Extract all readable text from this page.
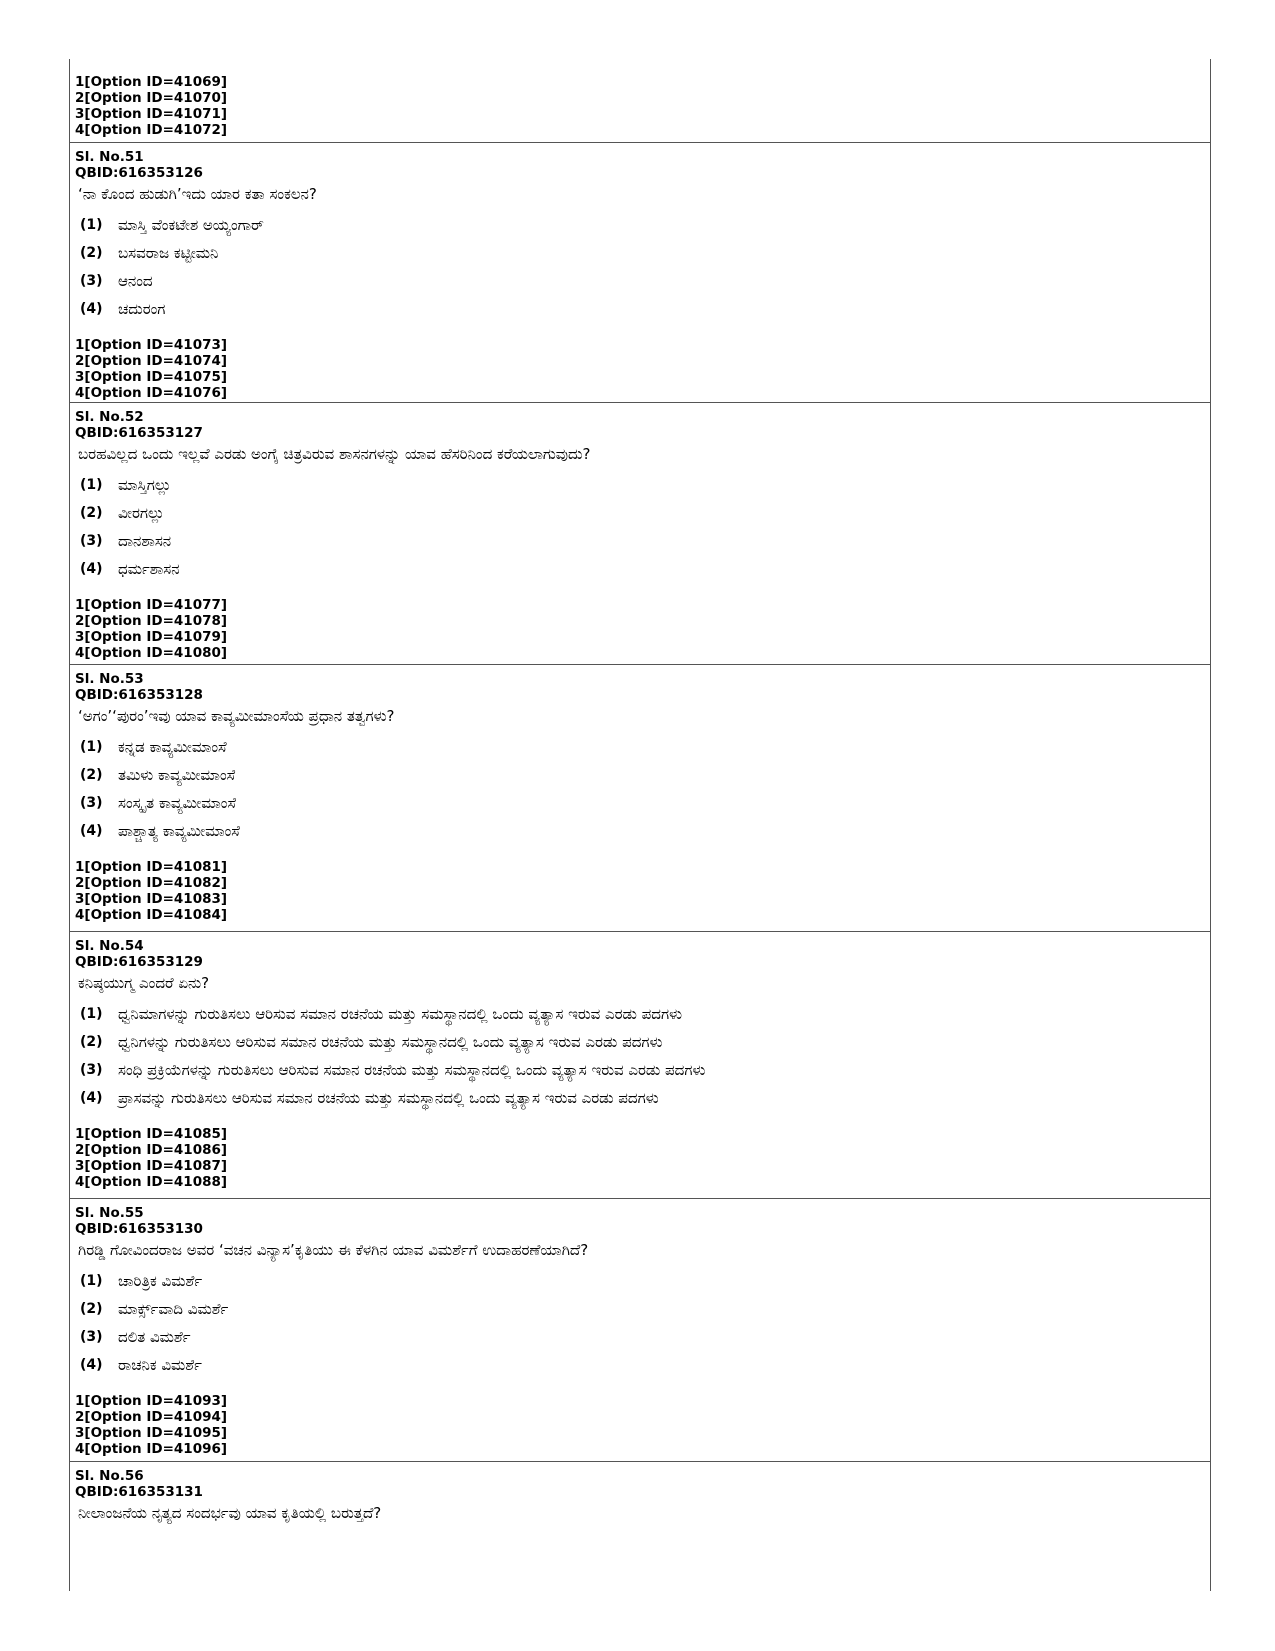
1[Option ID=41069]
2[Option ID=41070]
3[Option ID=41071]
4[Option ID=41072]
Sl. No.51
QBID:616353126
‘ನಾ ಕೊಂದ ಹುಡುಗಿ’ಇದು ಯಾರ ಕತಾ ಸಂಕಲನ?
(1)	ಮಾಸ್ತಿ ವೆಂಕಟೇಶ ಅಯ್ಯಂಗಾರ್
(2)	ಬಸವರಾಜ ಕಟ್ಟೀಮನಿ
(3)	ಆನಂದ
(4)	ಚದುರಂಗ
1[Option ID=41073]
2[Option ID=41074]
3[Option ID=41075]
4[Option ID=41076]
Sl. No.52
QBID:616353127
ಬರಹವಿಲ್ಲದ ಒಂದು ಇಲ್ಲವೆ ಎರಡು ಅಂಗೈ ಚಿತ್ರವಿರುವ ಶಾಸನಗಳನ್ನು ಯಾವ ಹೆಸರಿನಿಂದ ಕರೆಯಲಾಗುವುದು?
(1)	ಮಾಸ್ತಿಗಲ್ಲು
(2)	ವೀರಗಲ್ಲು
(3)	ದಾನಶಾಸನ
(4)	ಧರ್ಮಶಾಸನ
1[Option ID=41077]
2[Option ID=41078]
3[Option ID=41079]
4[Option ID=41080]
Sl. No.53
QBID:616353128
‘ಅಗಂ’‘ಪುರಂ’ಇವು ಯಾವ ಕಾವ್ಯಮೀಮಾಂಸೆಯ ಪ್ರಧಾನ ತತ್ವಗಳು?
(1)	ಕನ್ನಡ ಕಾವ್ಯಮೀಮಾಂಸೆ
(2)	ತಮಿಳು ಕಾವ್ಯಮೀಮಾಂಸೆ
(3)	ಸಂಸ್ಕೃತ ಕಾವ್ಯಮೀಮಾಂಸೆ
(4)	ಪಾಶ್ಚಾತ್ಯ ಕಾವ್ಯಮೀಮಾಂಸೆ
1[Option ID=41081]
2[Option ID=41082]
3[Option ID=41083]
4[Option ID=41084]
Sl. No.54
QBID:616353129
ಕನಿಷ್ಠಯುಗ್ಮ ಎಂದರೆ ಏನು?
(1)	ಧ್ವನಿಮಾಗಳನ್ನು ಗುರುತಿಸಲು ಆರಿಸುವ ಸಮಾನ ರಚನೆಯ ಮತ್ತು ಸಮಸ್ಥಾನದಲ್ಲಿ ಒಂದು ವ್ಯತ್ಯಾಸ ಇರುವ ಎರಡು ಪದಗಳು
(2)	ಧ್ವನಿಗಳನ್ನು ಗುರುತಿಸಲು ಆರಿಸುವ ಸಮಾನ ರಚನೆಯ ಮತ್ತು ಸಮಸ್ಥಾನದಲ್ಲಿ ಒಂದು ವ್ಯತ್ಯಾಸ ಇರುವ ಎರಡು ಪದಗಳು
(3)	ಸಂಧಿ ಪ್ರಕ್ರಿಯೆಗಳನ್ನು ಗುರುತಿಸಲು ಆರಿಸುವ ಸಮಾನ ರಚನೆಯ ಮತ್ತು ಸಮಸ್ಥಾನದಲ್ಲಿ ಒಂದು ವ್ಯತ್ಯಾಸ ಇರುವ ಎರಡು ಪದಗಳು
(4)	ಪ್ರಾಸವನ್ನು ಗುರುತಿಸಲು ಆರಿಸುವ ಸಮಾನ ರಚನೆಯ ಮತ್ತು ಸಮಸ್ಥಾನದಲ್ಲಿ ಒಂದು ವ್ಯತ್ಯಾಸ ಇರುವ ಎರಡು ಪದಗಳು
1[Option ID=41085]
2[Option ID=41086]
3[Option ID=41087]
4[Option ID=41088]
Sl. No.55
QBID:616353130
ಗಿರಡ್ಡಿ ಗೋವಿಂದರಾಜ ಅವರ ‘ವಚನ ವಿನ್ಯಾಸ’ಕೃತಿಯು ಈ ಕೆಳಗಿನ ಯಾವ ವಿಮರ್ಶೆಗೆ ಉದಾಹರಣೆಯಾಗಿದೆ?
(1)	ಚಾರಿತ್ರಿಕ ವಿಮರ್ಶೆ
(2)	ಮಾರ್ಕ್ಸ್‌ವಾದಿ ವಿಮರ್ಶೆ
(3)	ದಲಿತ ವಿಮರ್ಶೆ
(4)	ರಾಚನಿಕ ವಿಮರ್ಶೆ
1[Option ID=41093]
2[Option ID=41094]
3[Option ID=41095]
4[Option ID=41096]
Sl. No.56
QBID:616353131
ನೀಲಾಂಜನೆಯ ನೃತ್ಯದ ಸಂದರ್ಭವು ಯಾವ ಕೃತಿಯಲ್ಲಿ ಬರುತ್ತದೆ?
